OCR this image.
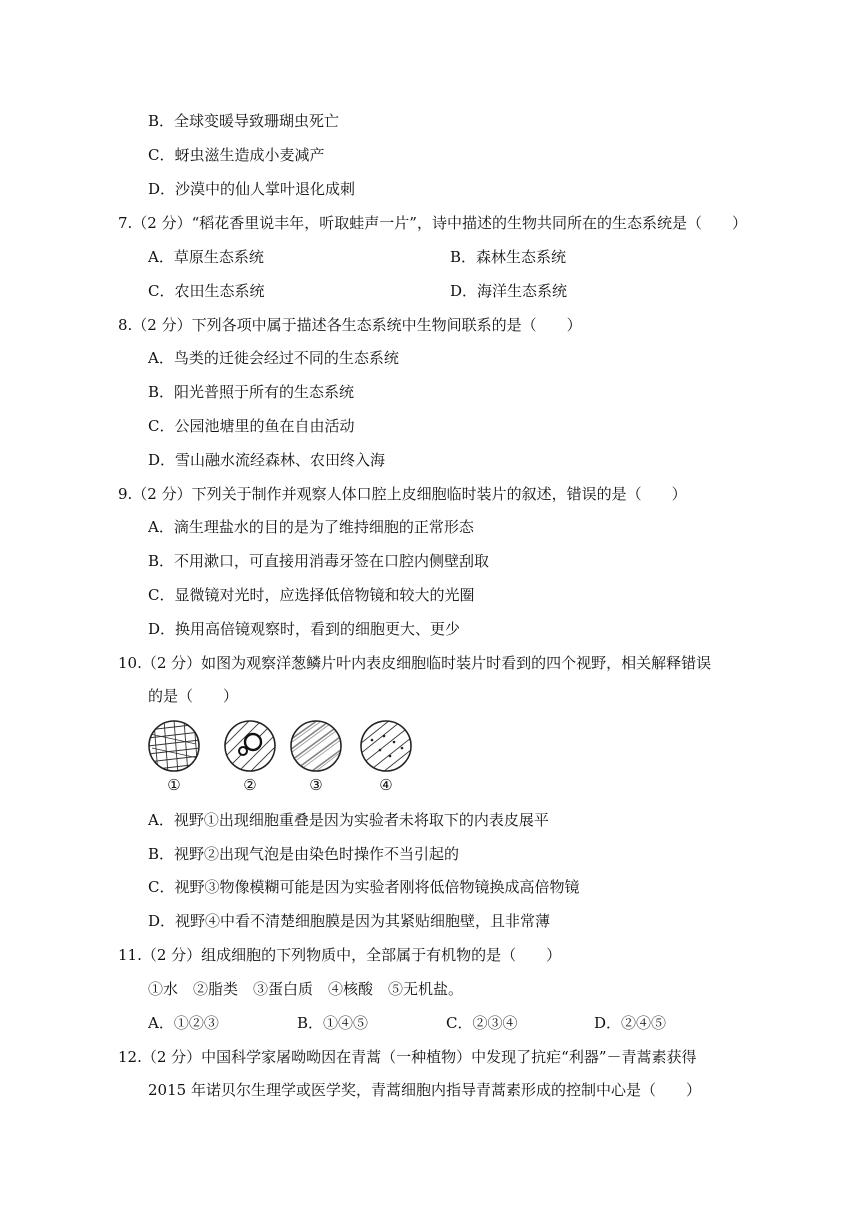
B．全球变暖导致珊瑚虫死亡
C．蚜虫滋生造成小麦减产
D．沙漠中的仙人掌叶退化成刺
7.（2 分）“稻花香里说丰年，听取蛙声一片”，诗中描述的生物共同所在的生态系统是（　　）
A．草原生态系统	B．森林生态系统
C．农田生态系统	D．海洋生态系统
8.（2 分）下列各项中属于描述各生态系统中生物间联系的是（　　）
A．鸟类的迁徙会经过不同的生态系统
B．阳光普照于所有的生态系统
C．公园池塘里的鱼在自由活动
D．雪山融水流经森林、农田终入海
9.（2 分）下列关于制作并观察人体口腔上皮细胞临时装片的叙述，错误的是（　　）
A．滴生理盐水的目的是为了维持细胞的正常形态
B．不用漱口，可直接用消毒牙签在口腔内侧壁刮取
C．显微镜对光时，应选择低倍物镜和较大的光圈
D．换用高倍镜观察时，看到的细胞更大、更少
10.（2 分）如图为观察洋葱鳞片叶内表皮细胞临时装片时看到的四个视野，相关解释错误
的是（　　）
①	②	③	④
A．视野①出现细胞重叠是因为实验者未将取下的内表皮展平
B．视野②出现气泡是由染色时操作不当引起的
C．视野③物像模糊可能是因为实验者刚将低倍物镜换成高倍物镜
D．视野④中看不清楚细胞膜是因为其紧贴细胞壁，且非常薄
11.（2 分）组成细胞的下列物质中，全部属于有机物的是（　　）
①水　②脂类　③蛋白质　④核酸　⑤无机盐。
A．①②③	B．①④⑤	C．②③④	D．②④⑤
12.（2 分）中国科学家屠呦呦因在青蒿（一种植物）中发现了抗疟“利器”－青蒿素获得
2015 年诺贝尔生理学或医学奖，青蒿细胞内指导青蒿素形成的控制中心是（　　）
